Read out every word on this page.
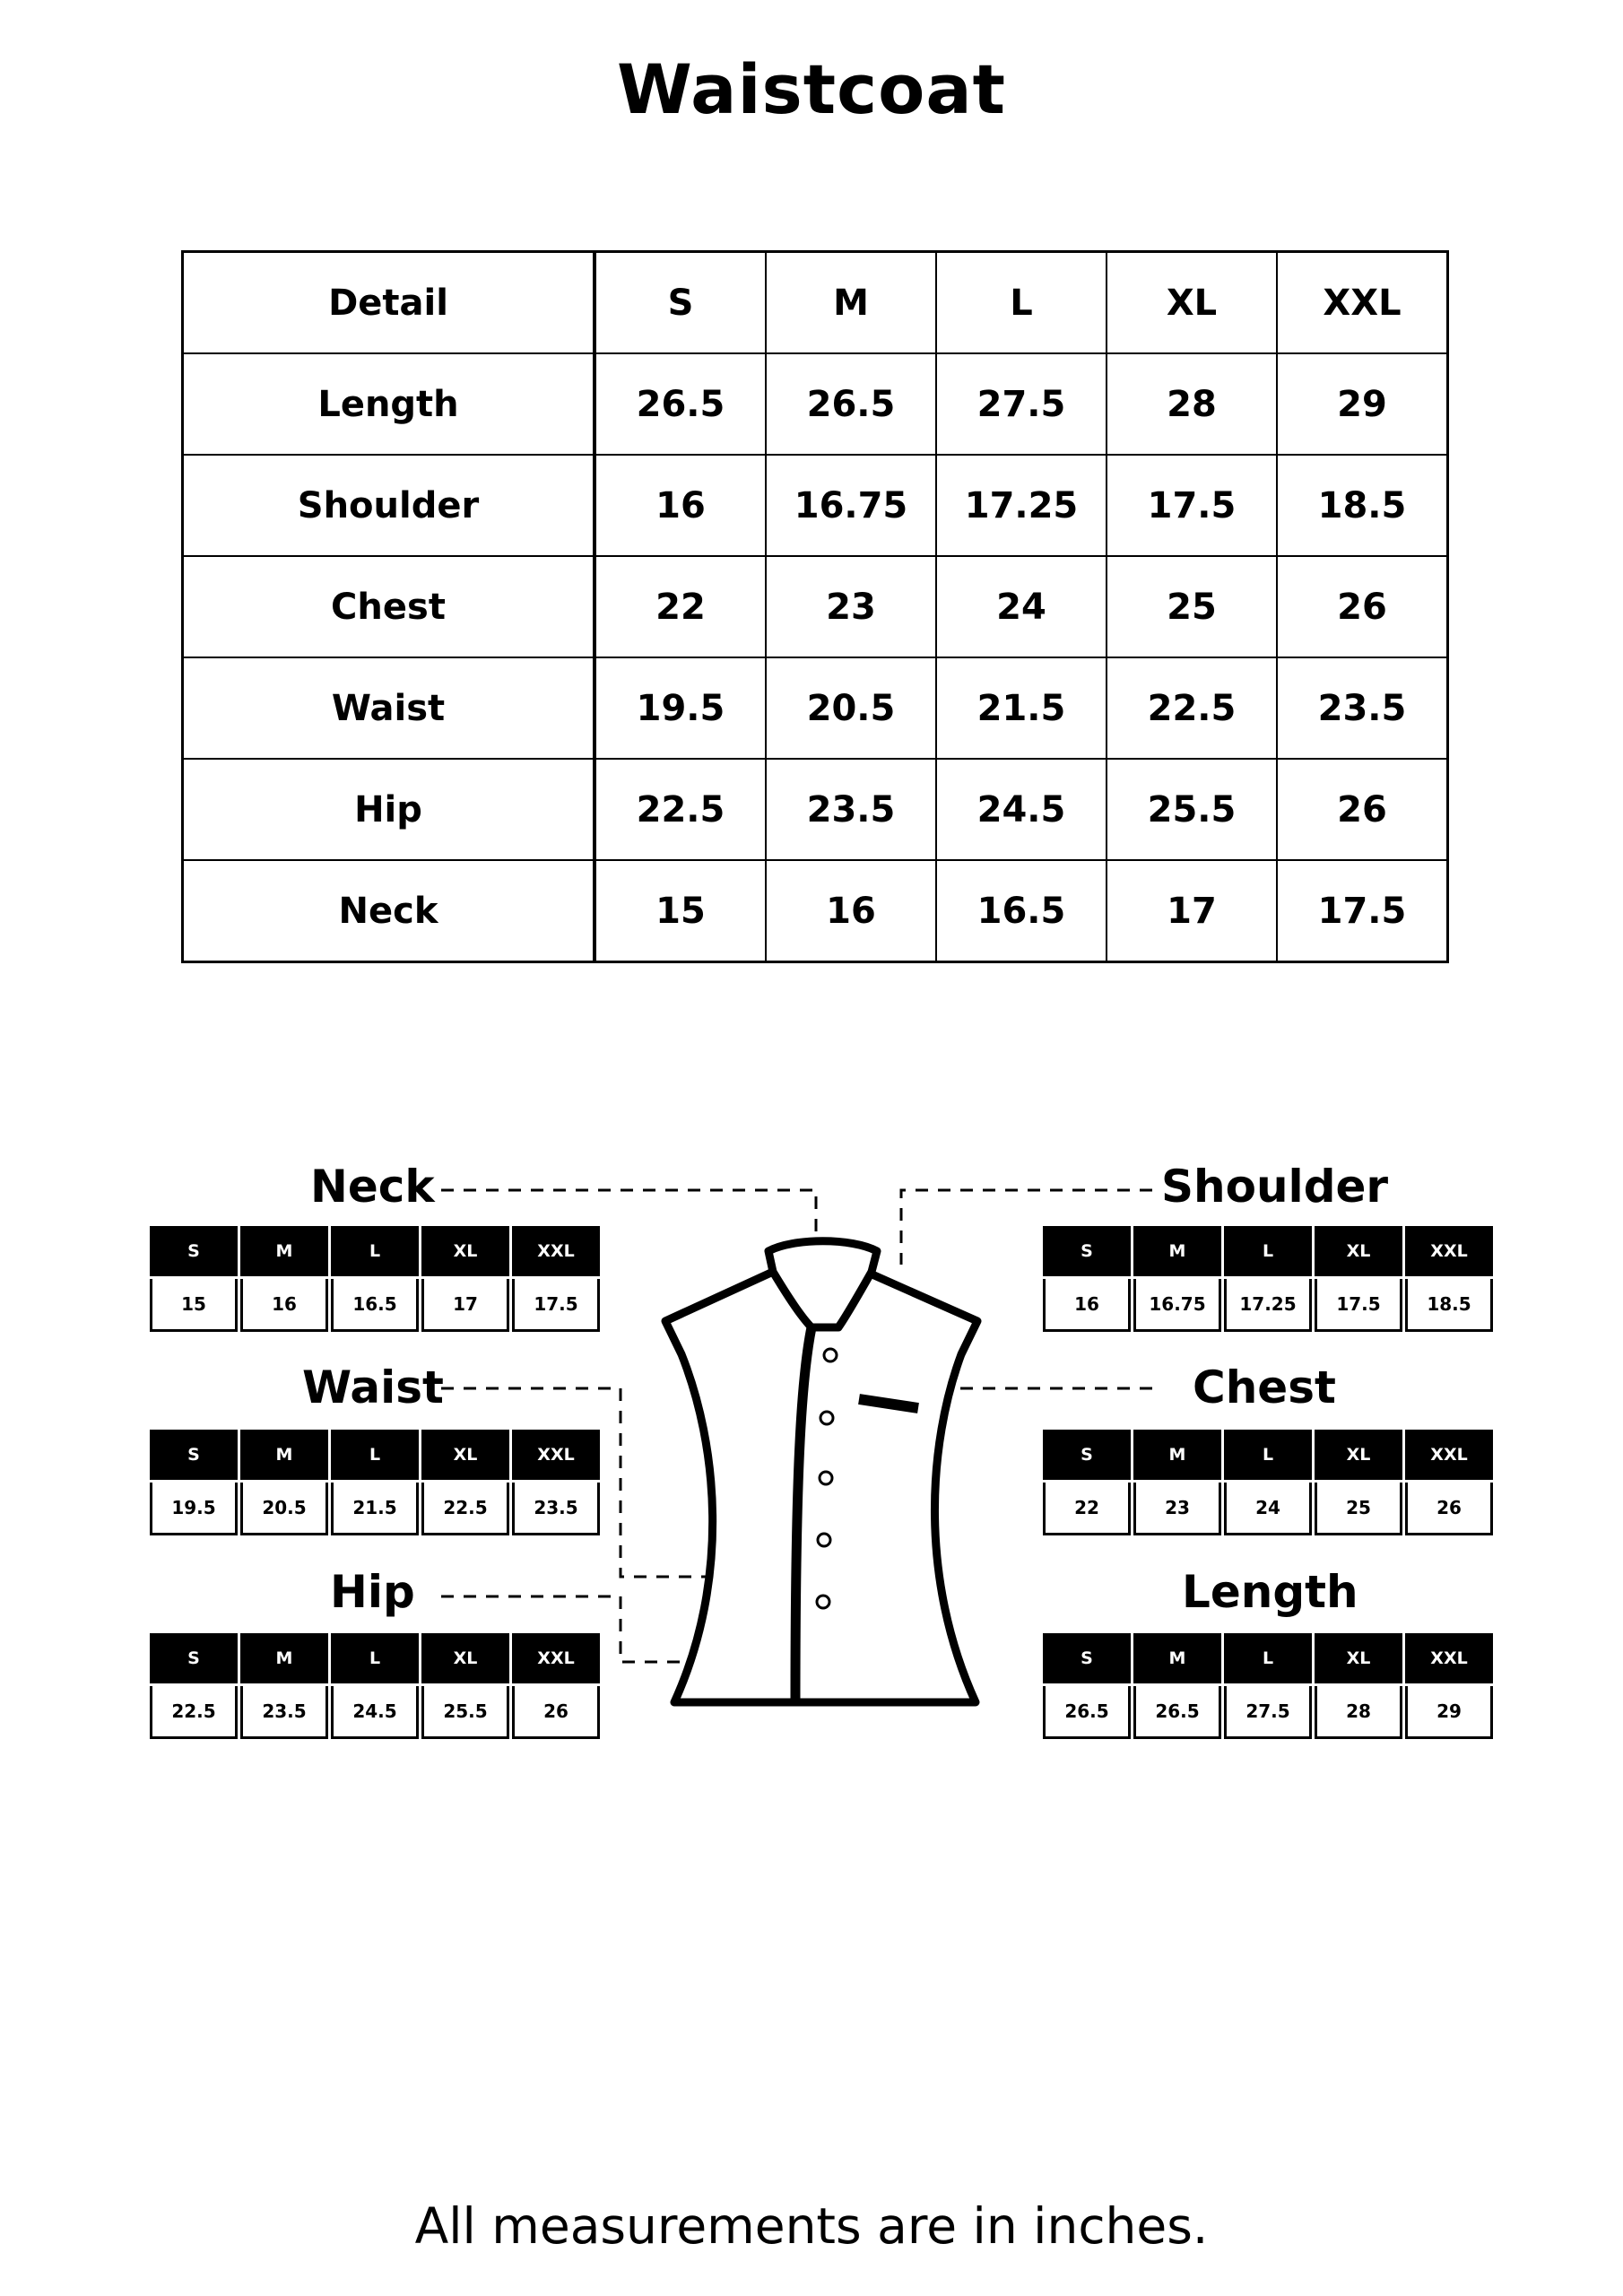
Waistcoat
Detail	S	M	L	XL	XXL
Length	26.5	26.5	27.5	28	29
Shoulder	16	16.75	17.25	17.5	18.5
Chest	22	23	24	25	26
Waist	19.5	20.5	21.5	22.5	23.5
Hip	22.5	23.5	24.5	25.5	26
Neck	15	16	16.5	17	17.5
Neck
Waist
Hip
Shoulder
Chest
Length
S	M	L	XL	XXL

15	16	16.5	17	17.5
S	M	L	XL	XXL

19.5	20.5	21.5	22.5	23.5
S	M	L	XL	XXL

22.5	23.5	24.5	25.5	26
S	M	L	XL	XXL

16	16.75	17.25	17.5	18.5
S	M	L	XL	XXL

22	23	24	25	26
S	M	L	XL	XXL

26.5	26.5	27.5	28	29
All measurements are in inches.
